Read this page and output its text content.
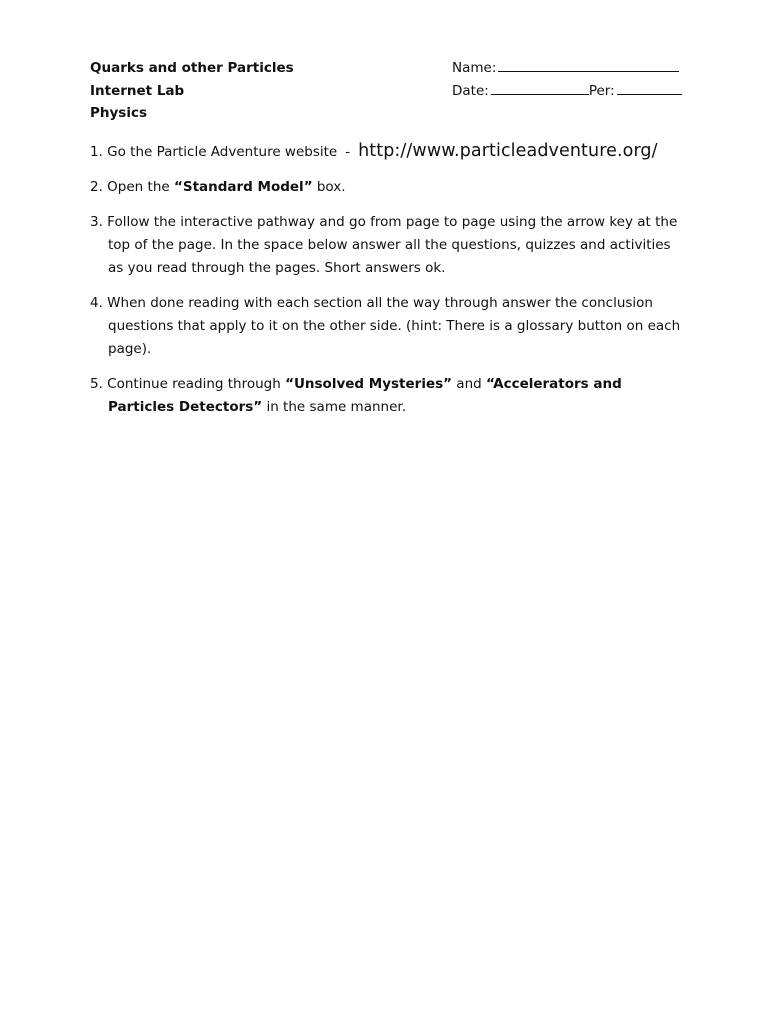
Quarks and other Particles
Internet Lab
Physics
Name:
Date:	Per:
1. Go the Particle Adventure website - http://www.particleadventure.org/
2. Open the “Standard Model” box.
3. Follow the interactive pathway and go from page to page using the arrow key at the top of the page. In the space below answer all the questions, quizzes and activities as you read through the pages. Short answers ok.
4. When done reading with each section all the way through answer the conclusion questions that apply to it on the other side. (hint: There is a glossary button on each page).
5. Continue reading through “Unsolved Mysteries” and “Accelerators and Particles Detectors” in the same manner.
